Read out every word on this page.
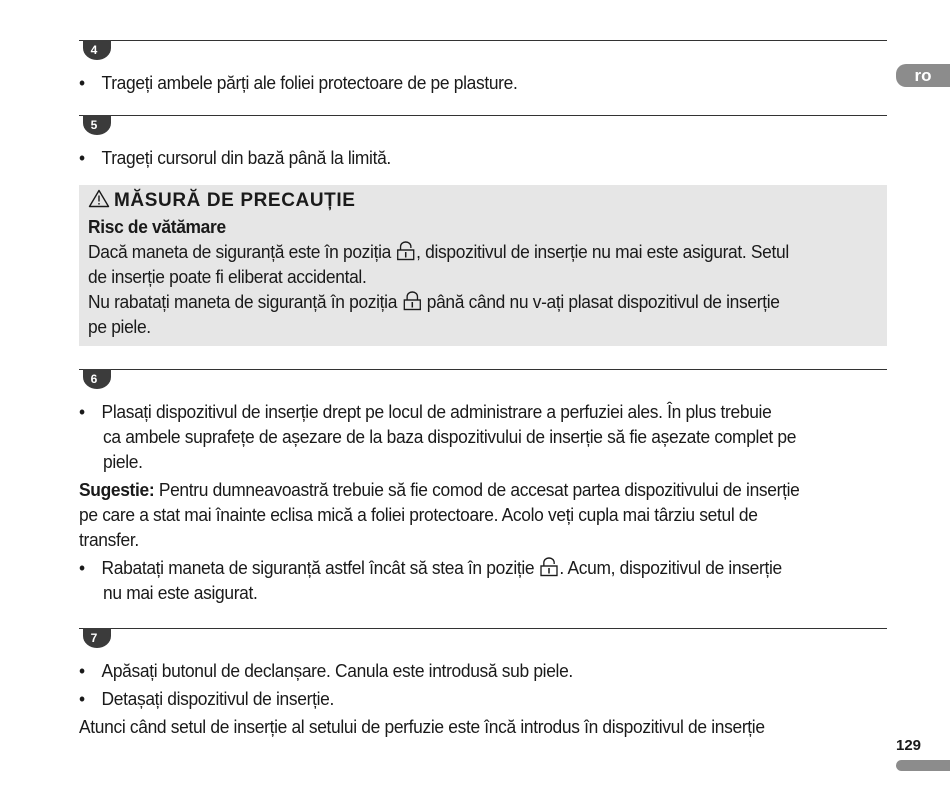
4
• Trageți ambele părți ale foliei protectoare de pe plasture.
5
• Trageți cursorul din bază până la limită.
MĂSURĂ DE PRECAUȚIE
Risc de vătămare
Dacă maneta de siguranță este în poziția , dispozitivul de inserție nu mai este asigurat. Setul
de inserție poate fi eliberat accidental.
Nu rabatați maneta de siguranță în poziția  până când nu v-ați plasat dispozitivul de inserție
pe piele.
6
• Plasați dispozitivul de inserție drept pe locul de administrare a perfuziei ales. În plus trebuie
ca ambele suprafețe de așezare de la baza dispozitivului de inserție să fie așezate complet pe
piele.
Sugestie: Pentru dumneavoastră trebuie să fie comod de accesat partea dispozitivului de inserție
pe care a stat mai înainte eclisa mică a foliei protectoare. Acolo veți cupla mai târziu setul de
transfer.
• Rabatați maneta de siguranță astfel încât să stea în poziție . Acum, dispozitivul de inserție
nu mai este asigurat.
7
• Apăsați butonul de declanșare. Canula este introdusă sub piele.
• Detașați dispozitivul de inserție.
Atunci când setul de inserție al setului de perfuzie este încă introdus în dispozitivul de inserție
ro
129
